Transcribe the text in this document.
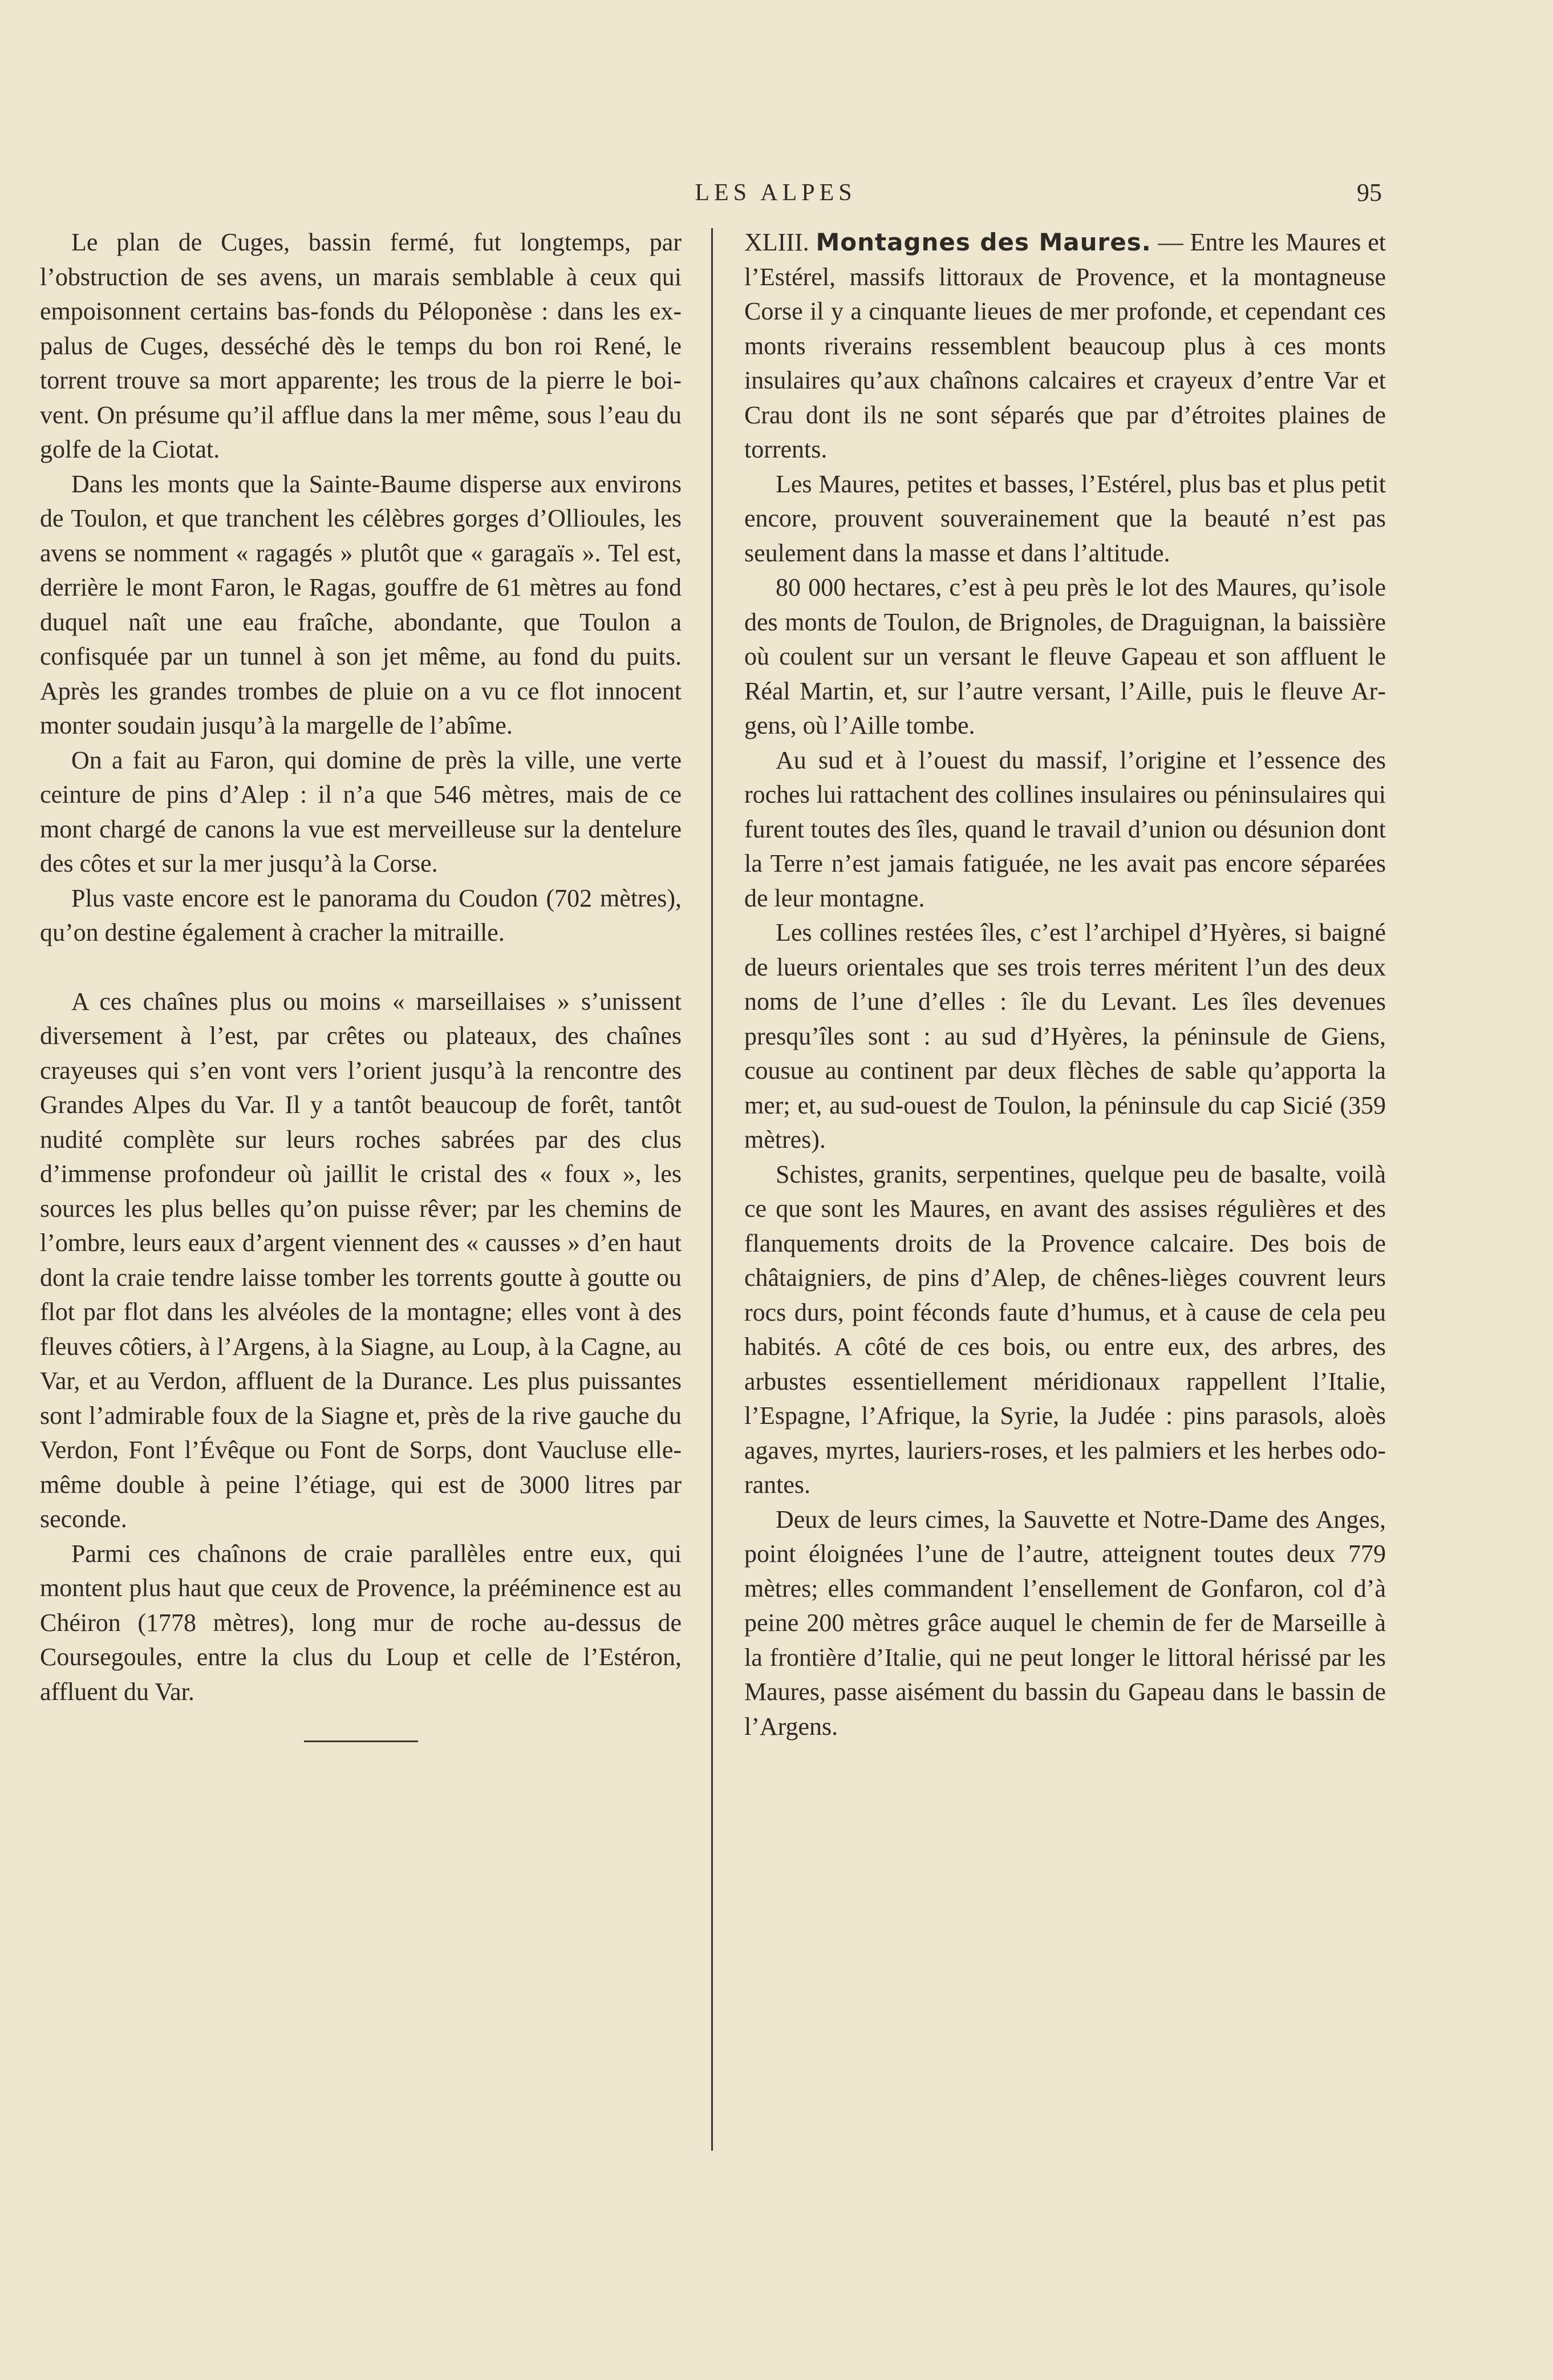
LES ALPES	95

Le plan de Cuges, bassin fermé, fut longtemps, par l’obstruction de ses avens, un marais semblable à ceux qui empoisonnent certains bas-fonds du Péloponèse : dans les ex-palus de Cuges, desséché dès le temps du bon roi René, le torrent trouve sa mort apparente; les trous de la pierre le boivent. On présume qu’il afflue dans la mer même, sous l’eau du golfe de la Ciotat.

Dans les monts que la Sainte-Baume disperse aux environs de Toulon, et que tranchent les célèbres gorges d’Ollioules, les avens se nomment « ragagés » plutôt que « garagaïs ». Tel est, derrière le mont Faron, le Ragas, gouffre de 61 mètres au fond duquel naît une eau fraîche, abondante, que Toulon a confisquée par un tunnel à son jet même, au fond du puits. Après les grandes trombes de pluie on a vu ce flot innocent monter soudain jusqu’à la margelle de l’abîme.

On a fait au Faron, qui domine de près la ville, une verte ceinture de pins d’Alep : il n’a que 546 mètres, mais de ce mont chargé de canons la vue est merveilleuse sur la dentelure des côtes et sur la mer jusqu’à la Corse.

Plus vaste encore est le panorama du Coudon (702 mètres), qu’on destine également à cracher la mitraille.

A ces chaînes plus ou moins « marseillaises » s’unissent diversement à l’est, par crêtes ou plateaux, des chaînes crayeuses qui s’en vont vers l’orient jusqu’à la rencontre des Grandes Alpes du Var. Il y a tantôt beaucoup de forêt, tantôt nudité complète sur leurs roches sabrées par des clus d’immense profondeur où jaillit le cristal des « foux », les sources les plus belles qu’on puisse rêver; par les chemins de l’ombre, leurs eaux d’argent viennent des « causses » d’en haut dont la craie tendre laisse tomber les torrents goutte à goutte ou flot par flot dans les alvéoles de la montagne; elles vont à des fleuves côtiers, à l’Argens, à la Siagne, au Loup, à la Cagne, au Var, et au Verdon, affluent de la Durance. Les plus puissantes sont l’admirable foux de la Siagne et, près de la rive gauche du Verdon, Font l’Évêque ou Font de Sorps, dont Vaucluse elle-même double à peine l’étiage, qui est de 3000 litres par seconde.

Parmi ces chaînons de craie parallèles entre eux, qui montent plus haut que ceux de Provence, la prééminence est au Chéiron (1778 mètres), long mur de roche au-dessus de Coursegoules, entre la clus du Loup et celle de l’Estéron, affluent du Var.

XLIII. Montagnes des Maures. — Entre les Maures et l’Estérel, massifs littoraux de Provence, et la montagneuse Corse il y a cinquante lieues de mer profonde, et cependant ces monts riverains ressemblent beaucoup plus à ces monts insulaires qu’aux chaînons calcaires et crayeux d’entre Var et Crau dont ils ne sont séparés que par d’étroites plaines de torrents.

Les Maures, petites et basses, l’Estérel, plus bas et plus petit encore, prouvent souverainement que la beauté n’est pas seulement dans la masse et dans l’altitude.

80 000 hectares, c’est à peu près le lot des Maures, qu’isole des monts de Toulon, de Brignoles, de Draguignan, la baissière où coulent sur un versant le fleuve Gapeau et son affluent le Réal Martin, et, sur l’autre versant, l’Aille, puis le fleuve Argens, où l’Aille tombe.

Au sud et à l’ouest du massif, l’origine et l’essence des roches lui rattachent des collines insulaires ou péninsulaires qui furent toutes des îles, quand le travail d’union ou désunion dont la Terre n’est jamais fatiguée, ne les avait pas encore séparées de leur montagne.

Les collines restées îles, c’est l’archipel d’Hyères, si baigné de lueurs orientales que ses trois terres méritent l’un des deux noms de l’une d’elles : île du Levant. Les îles devenues presqu’îles sont : au sud d’Hyères, la péninsule de Giens, cousue au continent par deux flèches de sable qu’apporta la mer; et, au sud-ouest de Toulon, la péninsule du cap Sicié (359 mètres).

Schistes, granits, serpentines, quelque peu de basalte, voilà ce que sont les Maures, en avant des assises régulières et des flanquements droits de la Provence calcaire. Des bois de châtaigniers, de pins d’Alep, de chênes-lièges couvrent leurs rocs durs, point féconds faute d’humus, et à cause de cela peu habités. A côté de ces bois, ou entre eux, des arbres, des arbustes essentiellement méridionaux rappellent l’Italie, l’Espagne, l’Afrique, la Syrie, la Judée : pins parasols, aloès agaves, myrtes, lauriers-roses, et les palmiers et les herbes odorantes.

Deux de leurs cimes, la Sauvette et Notre-Dame des Anges, point éloignées l’une de l’autre, atteignent toutes deux 779 mètres; elles commandent l’ensellement de Gonfaron, col d’à peine 200 mètres grâce auquel le chemin de fer de Marseille à la frontière d’Italie, qui ne peut longer le littoral hérissé par les Maures, passe aisément du bassin du Gapeau dans le bassin de l’Argens.
